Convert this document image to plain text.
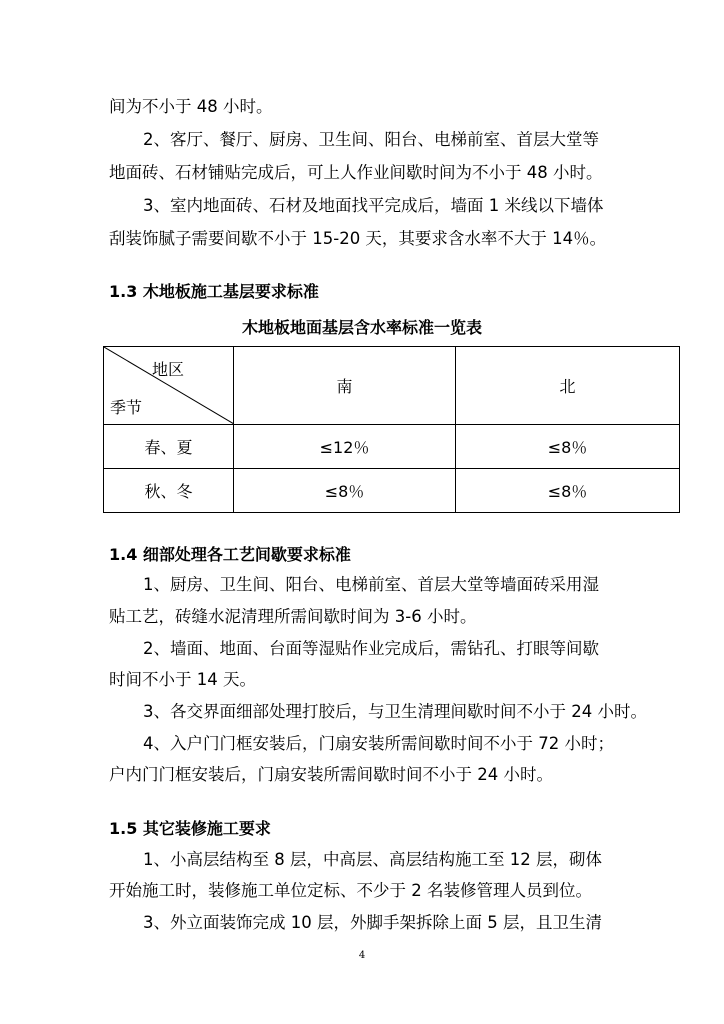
间为不小于 48 小时。
2、客厅、餐厅、厨房、卫生间、阳台、电梯前室、首层大堂等
地面砖、石材铺贴完成后，可上人作业间歇时间为不小于 48 小时。
3、室内地面砖、石材及地面找平完成后，墙面 1 米线以下墙体
刮装饰腻子需要间歇不小于 15-20 天，其要求含水率不大于 14％。
1.3 木地板施工基层要求标准
木地板地面基层含水率标准一览表
地区
季节	南	北
春、夏	≤12％	≤8％
秋、冬	≤8％	≤8％
1.4 细部处理各工艺间歇要求标准
1、厨房、卫生间、阳台、电梯前室、首层大堂等墙面砖采用湿
贴工艺，砖缝水泥清理所需间歇时间为 3-6 小时。
2、墙面、地面、台面等湿贴作业完成后，需钻孔、打眼等间歇
时间不小于 14 天。
3、各交界面细部处理打胶后，与卫生清理间歇时间不小于 24 小时。
4、入户门门框安装后，门扇安装所需间歇时间不小于 72 小时；
户内门门框安装后，门扇安装所需间歇时间不小于 24 小时。
1.5 其它装修施工要求
1、小高层结构至 8 层，中高层、高层结构施工至 12 层，砌体
开始施工时，装修施工单位定标、不少于 2 名装修管理人员到位。
3、外立面装饰完成 10 层，外脚手架拆除上面 5 层，且卫生清
4
